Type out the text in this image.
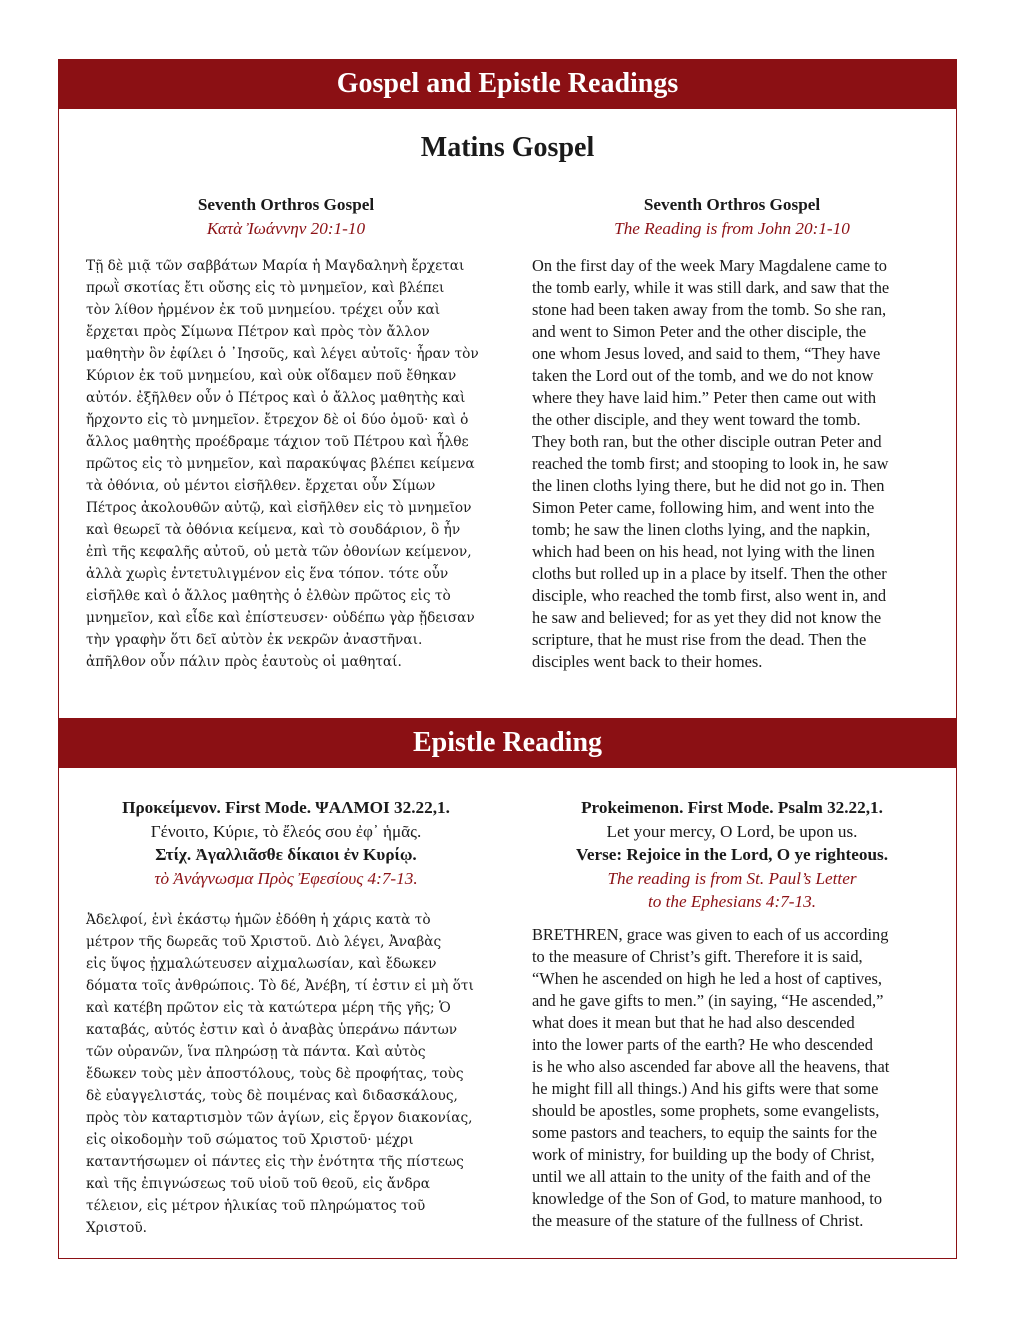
Gospel and Epistle Readings
Matins Gospel
Seventh Orthros Gospel
Κατὰ Ἰωάννην 20:1-10
Τῇ δὲ μιᾷ τῶν σαββάτων Μαρία ἡ Μαγδαληνὴ ἔρχεται
πρωῒ σκοτίας ἔτι οὔσης εἰς τὸ μνημεῖον, καὶ βλέπει
τὸν λίθον ἠρμένον ἐκ τοῦ μνημείου. τρέχει οὖν καὶ
ἔρχεται πρὸς Σίμωνα Πέτρον καὶ πρὸς τὸν ἄλλον
μαθητὴν ὃν ἐφίλει ὁ ᾿Ιησοῦς, καὶ λέγει αὐτοῖς· ἦραν τὸν
Κύριον ἐκ τοῦ μνημείου, καὶ οὐκ οἴδαμεν ποῦ ἔθηκαν
αὐτόν. ἐξῆλθεν οὖν ὁ Πέτρος καὶ ὁ ἄλλος μαθητὴς καὶ
ἤρχοντο εἰς τὸ μνημεῖον. ἔτρεχον δὲ οἱ δύο ὁμοῦ· καὶ ὁ
ἄλλος μαθητὴς προέδραμε τάχιον τοῦ Πέτρου καὶ ἦλθε
πρῶτος εἰς τὸ μνημεῖον, καὶ παρακύψας βλέπει κείμενα
τὰ ὀθόνια, οὐ μέντοι εἰσῆλθεν. ἔρχεται οὖν Σίμων
Πέτρος ἀκολουθῶν αὐτῷ, καὶ εἰσῆλθεν εἰς τὸ μνημεῖον
καὶ θεωρεῖ τὰ ὀθόνια κείμενα, καὶ τὸ σουδάριον, ὃ ἦν
ἐπὶ τῆς κεφαλῆς αὐτοῦ, οὐ μετὰ τῶν ὀθονίων κείμενον,
ἀλλὰ χωρὶς ἐντετυλιγμένον εἰς ἕνα τόπον. τότε οὖν
εἰσῆλθε καὶ ὁ ἄλλος μαθητὴς ὁ ἐλθὼν πρῶτος εἰς τὸ
μνημεῖον, καὶ εἶδε καὶ ἐπίστευσεν· οὐδέπω γὰρ ᾔδεισαν
τὴν γραφὴν ὅτι δεῖ αὐτὸν ἐκ νεκρῶν ἀναστῆναι.
ἀπῆλθον οὖν πάλιν πρὸς ἑαυτοὺς οἱ μαθηταί.
Seventh Orthros Gospel
The Reading is from John 20:1-10
On the first day of the week Mary Magdalene came to
the tomb early, while it was still dark, and saw that the
stone had been taken away from the tomb. So she ran,
and went to Simon Peter and the other disciple, the
one whom Jesus loved, and said to them, “They have
taken the Lord out of the tomb, and we do not know
where they have laid him.” Peter then came out with
the other disciple, and they went toward the tomb.
They both ran, but the other disciple outran Peter and
reached the tomb first; and stooping to look in, he saw
the linen cloths lying there, but he did not go in. Then
Simon Peter came, following him, and went into the
tomb; he saw the linen cloths lying, and the napkin,
which had been on his head, not lying with the linen
cloths but rolled up in a place by itself. Then the other
disciple, who reached the tomb first, also went in, and
he saw and believed; for as yet they did not know the
scripture, that he must rise from the dead. Then the
disciples went back to their homes.
Epistle Reading
Προκείμενον. First Mode. ΨΑΛΜΟΙ 32.22,1.
Γένοιτο, Κύριε, τὸ ἔλεός σου ἐφ᾽ ἡμᾶς.
Στίχ. Ἀγαλλιᾶσθε δίκαιοι ἐν Κυρίῳ.
τὸ Ἀνάγνωσμα Πρὸς Ἐφεσίους 4:7-13.
Ἀδελφοί, ἑνὶ ἑκάστῳ ἡμῶν ἐδόθη ἡ χάρις κατὰ τὸ
μέτρον τῆς δωρεᾶς τοῦ Χριστοῦ. Διὸ λέγει, Ἀναβὰς
εἰς ὕψος ᾐχμαλώτευσεν αἰχμαλωσίαν, καὶ ἔδωκεν
δόματα τοῖς ἀνθρώποις. Τὸ δέ, Ἀνέβη, τί ἐστιν εἰ μὴ ὅτι
καὶ κατέβη πρῶτον εἰς τὰ κατώτερα μέρη τῆς γῆς; Ὁ
καταβάς, αὐτός ἐστιν καὶ ὁ ἀναβὰς ὑπεράνω πάντων
τῶν οὐρανῶν, ἵνα πληρώσῃ τὰ πάντα. Καὶ αὐτὸς
ἔδωκεν τοὺς μὲν ἀποστόλους, τοὺς δὲ προφήτας, τοὺς
δὲ εὐαγγελιστάς, τοὺς δὲ ποιμένας καὶ διδασκάλους,
πρὸς τὸν καταρτισμὸν τῶν ἁγίων, εἰς ἔργον διακονίας,
εἰς οἰκοδομὴν τοῦ σώματος τοῦ Χριστοῦ· μέχρι
καταντήσωμεν οἱ πάντες εἰς τὴν ἑνότητα τῆς πίστεως
καὶ τῆς ἐπιγνώσεως τοῦ υἱοῦ τοῦ θεοῦ, εἰς ἄνδρα
τέλειον, εἰς μέτρον ἡλικίας τοῦ πληρώματος τοῦ
Χριστοῦ.
Prokeimenon. First Mode. Psalm 32.22,1.
Let your mercy, O Lord, be upon us.
Verse: Rejoice in the Lord, O ye righteous.
The reading is from St. Paul’s Letter
to the Ephesians 4:7-13.
BRETHREN, grace was given to each of us according
to the measure of Christ’s gift. Therefore it is said,
“When he ascended on high he led a host of captives,
and he gave gifts to men.” (in saying, “He ascended,”
what does it mean but that he had also descended
into the lower parts of the earth? He who descended
is he who also ascended far above all the heavens, that
he might fill all things.) And his gifts were that some
should be apostles, some prophets, some evangelists,
some pastors and teachers, to equip the saints for the
work of ministry, for building up the body of Christ,
until we all attain to the unity of the faith and of the
knowledge of the Son of God, to mature manhood, to
the measure of the stature of the fullness of Christ.
